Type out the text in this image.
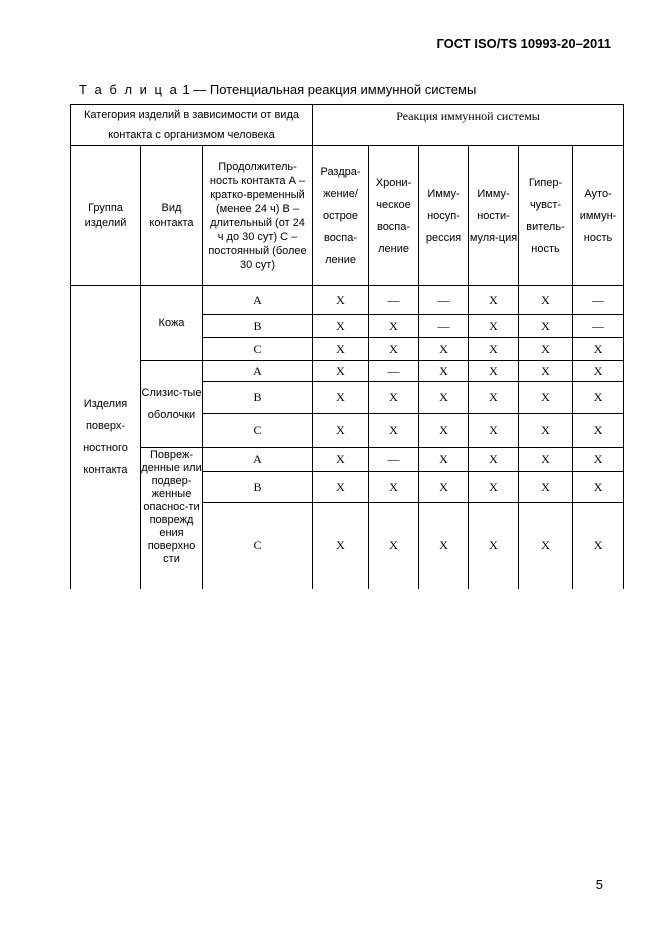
ГОСТ ISO/TS 10993-20–2011
Т а б л и ц а 1 — Потенциальная реакция иммунной системы
Категория изделий в зависимости от вида контакта с организмом человека			Реакция иммунной системы					
Группа изделий	Вид контакта	Продолжитель-ность контакта А – кратко-временный (менее 24 ч) В – длительный (от 24 ч до 30 сут) С – постоянный (более 30 сут)	Раздра-жение/ острое воспа-ление	Хрони-ческое воспа-ление	Имму-носуп-рессия	Имму-ности-муля-ция	Гипер-чувст-витель-ность	Ауто-иммун-ность
Изделия поверх-ностного контакта	Кожа	A	X	—	—	X	X	—
		B	X	X	—	X	X	—
		C	X	X	X	X	X	X
	Слизис-тые оболочки	A	X	—	X	X	X	X
		B	X	X	X	X	X	X
		C	X	X	X	X	X	X
	Повреж-денные или подвер-женные опаснос-ти поврежд ения поверхно сти	A	X	—	X	X	X	X
		B	X	X	X	X	X	X
		C	X	X	X	X	X	X
5
